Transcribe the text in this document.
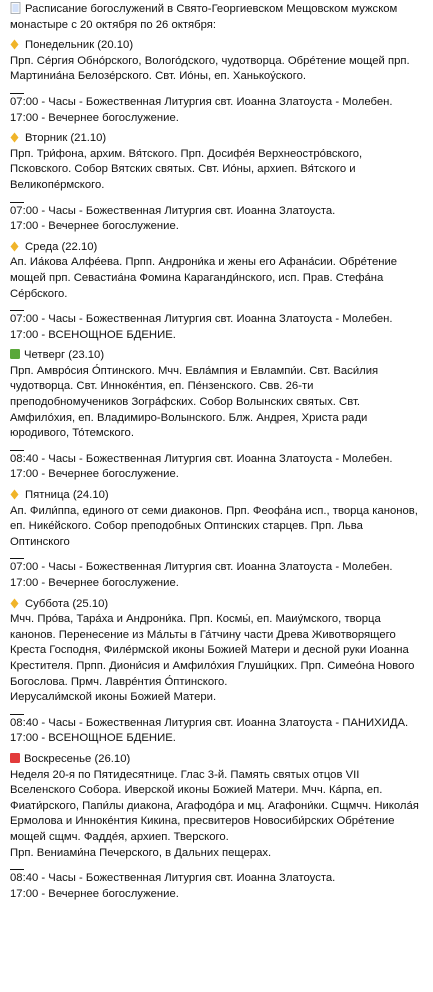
Расписание богослужений в Свято-Георгиевском Мещовском мужском
монастыре с 20 октября по 26 октября:
Понедельник (20.10)
Прп. Се́ргия Обно́рского, Волого́дского, чудотворца. Обре́тение мощей прп.
Мартиниа́на Белозе́рского. Свт. Ио́ны, еп. Ханькоу́ского.
07:00 - Часы - Божественная Литургия свт. Иоанна Златоуста - Молебен.
17:00 - Вечернее богослужение.
Вторник (21.10)
Прп. Три́фона, архим. Вя́тского. Прп. Досифе́я Верхнеостро́вского,
Псковского. Собор Вятских святых. Свт. Ио́ны, архиеп. Вя́тского и
Великопе́рмского.
07:00 - Часы - Божественная Литургия свт. Иоанна Златоуста.
17:00 - Вечернее богослужение.
Среда (22.10)
Ап. Иа́кова Алфе́ева. Прпп. Андрони́ка и жены его Афана́сии. Обре́тение
мощей прп. Севастиа́на Фомина Караганди́нского, исп. Прав. Стефа́на
Се́рбского.
07:00 - Часы - Божественная Литургия свт. Иоанна Златоуста - Молебен.
17:00 - ВСЕНОЩНОЕ БДЕНИЕ.
Четверг (23.10)
Прп. Амвро́сия О́птинского. Мчч. Евла́мпия и Евлампи́и. Свт. Васи́лия
чудотворца. Свт. Инноке́нтия, еп. Пе́нзенского. Свв. 26-ти
преподобномучеников Зогра́фских. Собор Волынских святых. Свт.
Амфило́хия, еп. Владимиро-Волынского. Блж. Андрея, Христа ради
юродивого, То́темского.
08:40 - Часы - Божественная Литургия свт. Иоанна Златоуста - Молебен.
17:00 - Вечернее богослужение.
Пятница (24.10)
Ап. Фили́ппа, единого от семи диаконов. Прп. Феофа́на исп., творца канонов,
еп. Нике́йского. Собор преподобных Оптинских старцев. Прп. Льва
Оптинского
07:00 - Часы - Божественная Литургия свт. Иоанна Златоуста - Молебен.
17:00 - Вечернее богослужение.
Суббота (25.10)
Мчч. Про́ва, Тара́ха и Андрони́ка. Прп. Космы́, еп. Маиу́мского, творца
канонов. Перенесение из Ма́льты в Га́тчину части Древа Животворящего
Креста Господня, Филе́рмской иконы Божией Матери и десной руки Иоанна
Крестителя. Прпп. Диони́сия и Амфило́хия Глуши́цких. Прп. Симео́на Нового
Богослова. Прмч. Лавре́нтия О́птинского.
Иерусали́мской иконы Божией Матери.
08:40 - Часы - Божественная Литургия свт. Иоанна Златоуста - ПАНИХИДА.
17:00 - ВСЕНОЩНОЕ БДЕНИЕ.
Воскресенье (26.10)
Неделя 20-я по Пятидесятнице. Глас 3-й. Память святых отцов VII
Вселенского Собора. Иверской иконы Божией Матери. Мчч. Ка́рпа, еп.
Фиати́рского, Папи́лы диакона, Агафодо́ра и мц. Агафони́ки. Сщмчч. Никола́я
Ермолова и Инноке́нтия Кикина, пресвитеров Новосиби́рских Обре́тение
мощей сщмч. Фадде́я, архиеп. Тверского.
Прп. Вениами́на Печерского, в Дальних пещерах.
08:40 - Часы - Божественная Литургия свт. Иоанна Златоуста.
17:00 - Вечернее богослужение.
